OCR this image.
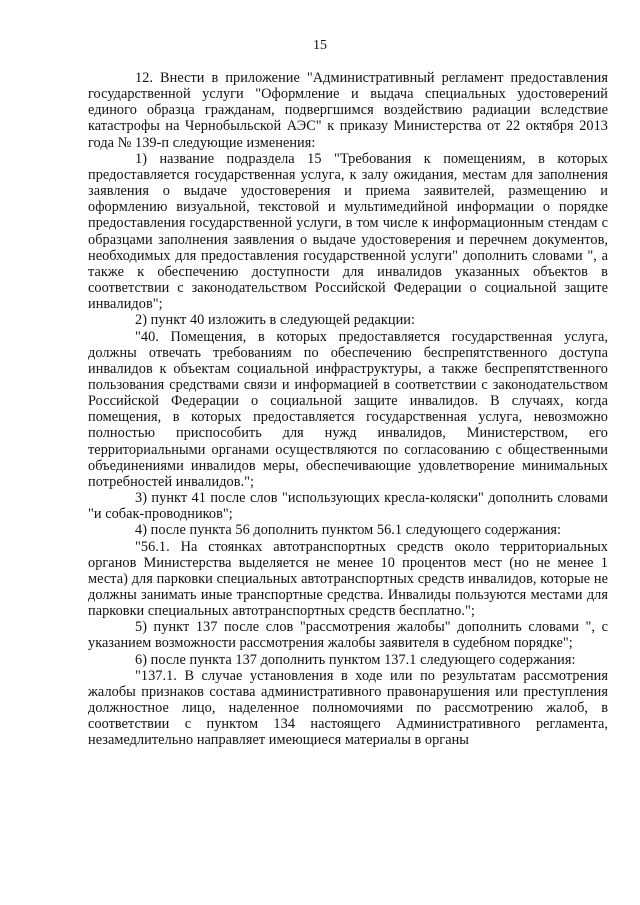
15

12. Внести в приложение "Административный регламент предоставления государственной услуги "Оформление и выдача специальных удостоверений единого образца гражданам, подвергшимся воздействию радиации вследствие катастрофы на Чернобыльской АЭС" к приказу Министерства от 22 октября 2013 года № 139-п следующие изменения:

1) название подраздела 15 "Требования к помещениям, в которых предоставляется государственная услуга, к залу ожидания, местам для заполнения заявления о выдаче удостоверения и приема заявителей, размещению и оформлению визуальной, текстовой и мультимедийной информации о порядке предоставления государственной услуги, в том числе к информационным стендам с образцами заполнения заявления о выдаче удостоверения и перечнем документов, необходимых для предоставления государственной услуги" дополнить словами ", а также к обеспечению доступности для инвалидов указанных объектов в соответствии с законодательством Российской Федерации о социальной защите инвалидов";

2) пункт 40 изложить в следующей редакции:

"40. Помещения, в которых предоставляется государственная услуга, должны отвечать требованиям по обеспечению беспрепятственного доступа инвалидов к объектам социальной инфраструктуры, а также беспрепятственного пользования средствами связи и информацией в соответствии с законодательством Российской Федерации о социальной защите инвалидов. В случаях, когда помещения, в которых предоставляется государственная услуга, невозможно полностью приспособить для нужд инвалидов, Министерством, его территориальными органами осуществляются по согласованию с общественными объединениями инвалидов меры, обеспечивающие удовлетворение минимальных потребностей инвалидов.";

3) пункт 41 после слов "использующих кресла-коляски" дополнить словами "и собак-проводников";

4) после пункта 56 дополнить пунктом 56.1 следующего содержания:

"56.1. На стоянках автотранспортных средств около территориальных органов Министерства выделяется не менее 10 процентов мест (но не менее 1 места) для парковки специальных автотранспортных средств инвалидов, которые не должны занимать иные транспортные средства. Инвалиды пользуются местами для парковки специальных автотранспортных средств бесплатно.";

5) пункт 137 после слов "рассмотрения жалобы" дополнить словами ", с указанием возможности рассмотрения жалобы заявителя в судебном порядке";

6) после пункта 137 дополнить пунктом 137.1 следующего содержания:

"137.1. В случае установления в ходе или по результатам рассмотрения жалобы признаков состава административного правонарушения или преступления должностное лицо, наделенное полномочиями по рассмотрению жалоб, в соответствии с пунктом 134 настоящего Административного регламента, незамедлительно направляет имеющиеся материалы в органы
